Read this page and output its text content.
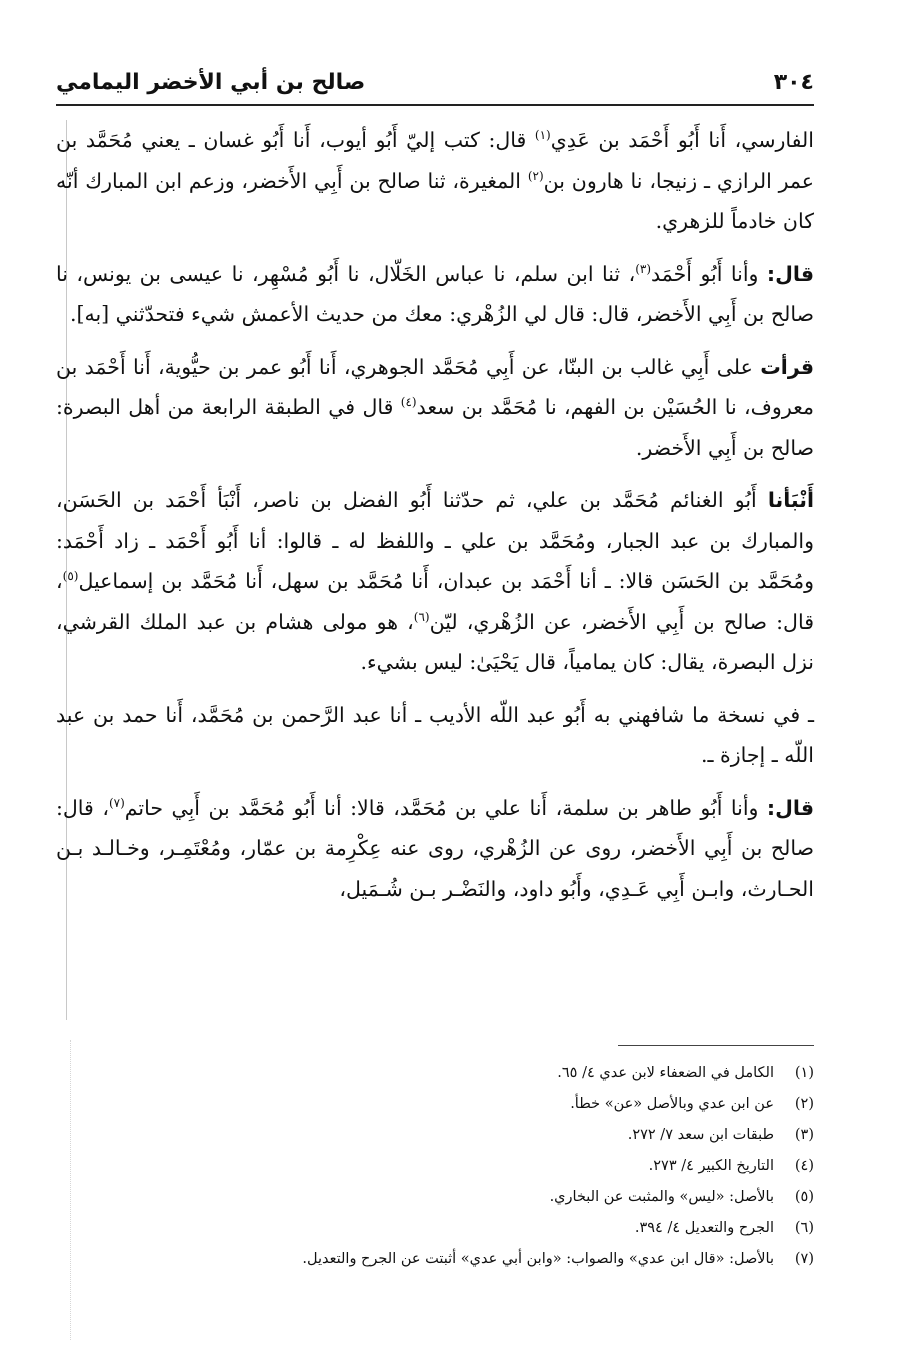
٣٠٤
صالح بن أبي الأخضر اليمامي

الفارسي، أَنا أَبُو أَحْمَد بن عَدِي$^{(١)}$ قال: كتب إليّ أَبُو أيوب، أَنا أَبُو غسان ـ يعني مُحَمَّد بن عمر الرازي ـ زنيجا، نا هارون بن$^{(٢)}$ المغيرة، ثنا صالح بن أَبِي الأَخضر، وزعم ابن المبارك أنّه كان خادماً للزهري.

قال: وأنا أَبُو أَحْمَد$^{(٣)}$، ثنا ابن سلم، نا عباس الخَلّال، نا أَبُو مُسْهِر، نا عيسى بن يونس، نا صالح بن أَبِي الأَخضر، قال: قال لي الزُهْري: معك من حديث الأعمش شيء فتحدّثني [به].

قرأت على أَبِي غالب بن البنّا، عن أَبِي مُحَمَّد الجوهري، أَنا أَبُو عمر بن حيُّوية، أَنا أَحْمَد بن معروف، نا الحُسَيْن بن الفهم، نا مُحَمَّد بن سعد$^{(٤)}$ قال في الطبقة الرابعة من أهل البصرة: صالح بن أَبِي الأَخضر.

أَنْبَأنا أَبُو الغنائم مُحَمَّد بن علي، ثم حدّثنا أَبُو الفضل بن ناصر، أَنْبَأ أَحْمَد بن الحَسَن، والمبارك بن عبد الجبار، ومُحَمَّد بن علي ـ واللفظ له ـ قالوا: أنا أَبُو أَحْمَد ـ زاد أَحْمَد: ومُحَمَّد بن الحَسَن قالا: ـ أنا أَحْمَد بن عبدان، أَنا مُحَمَّد بن سهل، أَنا مُحَمَّد بن إسماعيل$^{(٥)}$، قال: صالح بن أَبِي الأَخضر، عن الزُهْري، ليّن$^{(٦)}$، هو مولى هشام بن عبد الملك القرشي، نزل البصرة، يقال: كان يمامياً، قال يَحْيَىٰ: ليس بشيء.

ـ في نسخة ما شافهني به أَبُو عبد اللّه الأديب ـ أنا عبد الرَّحمن بن مُحَمَّد، أَنا حمد بن عبد اللّه ـ إجازة ـ.

قال: وأنا أَبُو طاهر بن سلمة، أَنا علي بن مُحَمَّد، قالا: أنا أَبُو مُحَمَّد بن أَبِي حاتم$^{(٧)}$، قال: صالح بن أَبِي الأَخضر، روى عن الزُهْري، روى عنه عِكْرِمة بن عمّار، ومُعْتَمِـر، وخـالـد بـن الحـارث، وابـن أَبِي عَـدِي، وأَبُو داود، والنَضْـر بـن شُـمَيل،

(١)
الكامل في الضعفاء لابن عدي ٤/ ٦٥.
(٢)
عن ابن عدي وبالأصل «عن» خطأ.
(٣)
طبقات ابن سعد ٧/ ٢٧٢.
(٤)
التاريخ الكبير ٤/ ٢٧٣.
(٥)
بالأصل: «ليس» والمثبت عن البخاري.
(٦)
الجرح والتعديل ٤/ ٣٩٤.
(٧)
بالأصل: «قال ابن عدي» والصواب: «وابن أبي عدي» أثبتت عن الجرح والتعديل.
